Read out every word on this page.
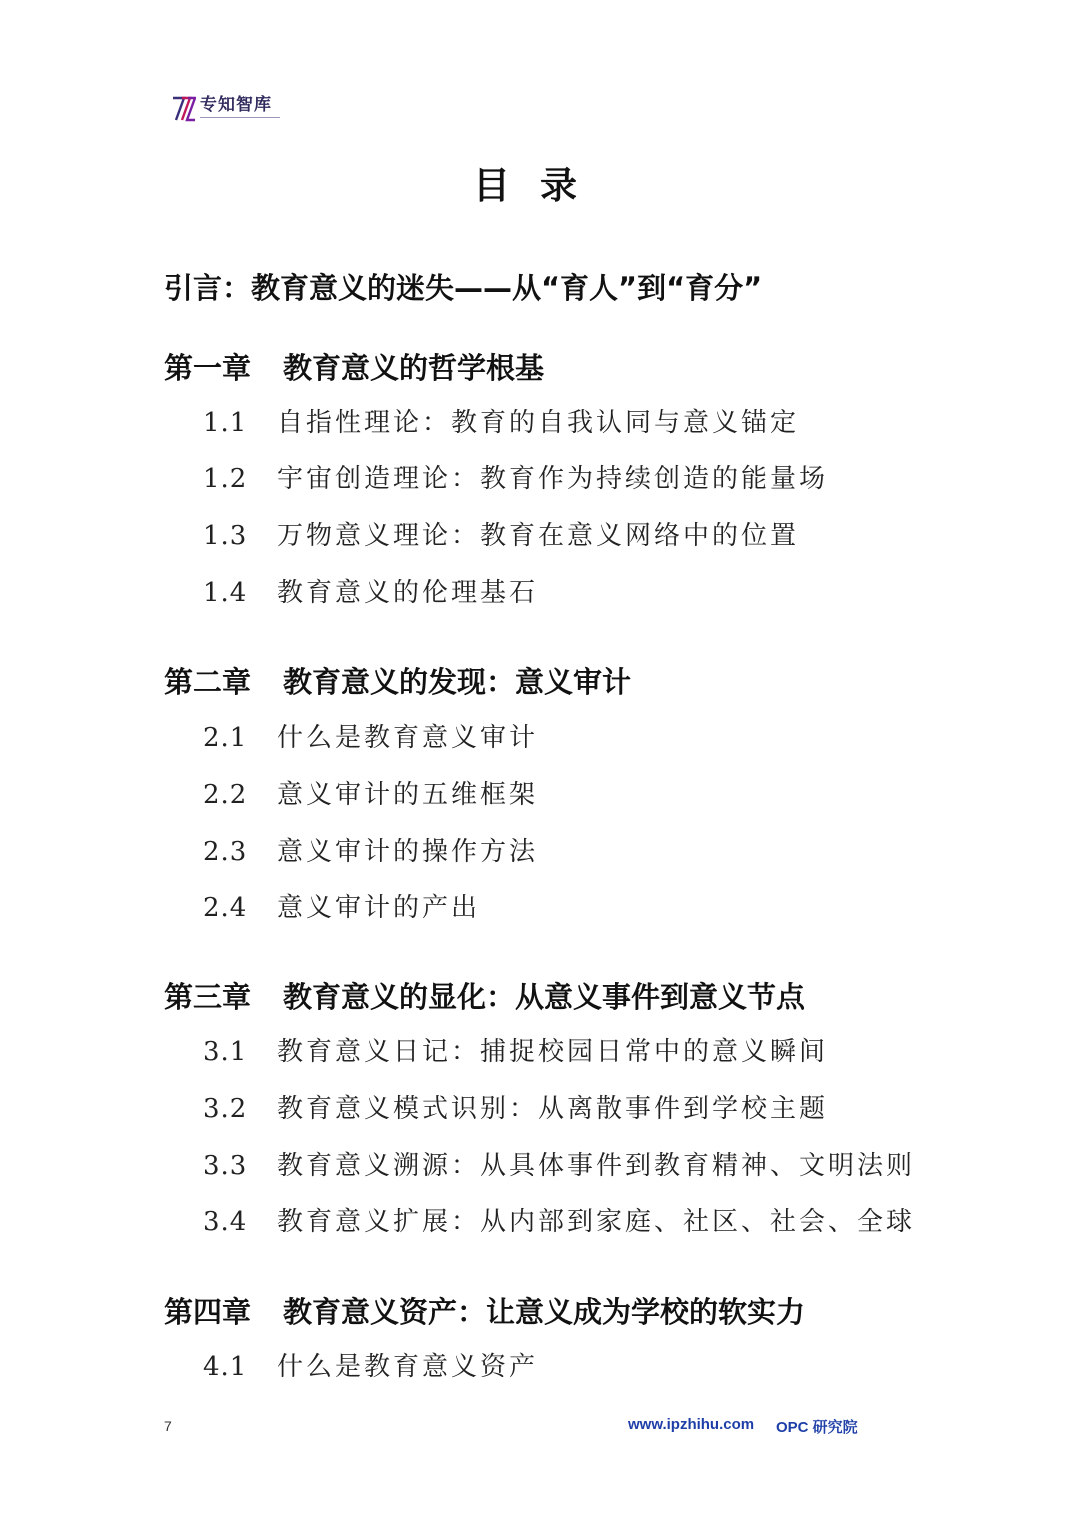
专知智库
目录
引言：教育意义的迷失——从“育人”到“育分”
第一章 教育意义的哲学根基
1.1 自指性理论：教育的自我认同与意义锚定
1.2 宇宙创造理论：教育作为持续创造的能量场
1.3 万物意义理论：教育在意义网络中的位置
1.4 教育意义的伦理基石
第二章 教育意义的发现：意义审计
2.1 什么是教育意义审计
2.2 意义审计的五维框架
2.3 意义审计的操作方法
2.4 意义审计的产出
第三章 教育意义的显化：从意义事件到意义节点
3.1 教育意义日记：捕捉校园日常中的意义瞬间
3.2 教育意义模式识别：从离散事件到学校主题
3.3 教育意义溯源：从具体事件到教育精神、文明法则
3.4 教育意义扩展：从内部到家庭、社区、社会、全球
第四章 教育意义资产：让意义成为学校的软实力
4.1 什么是教育意义资产
7	www.ipzhihu.com OPC 研究院
